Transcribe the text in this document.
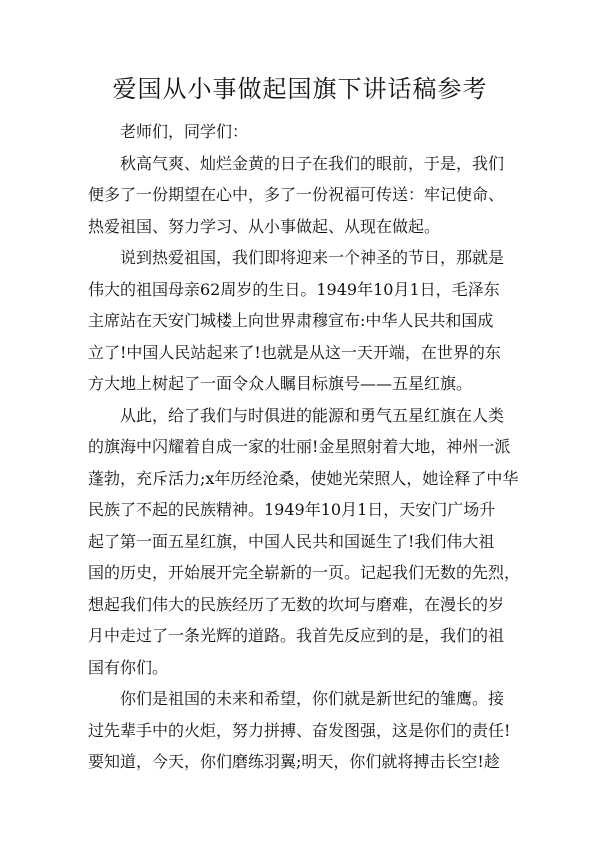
爱国从小事做起国旗下讲话稿参考

老师们，同学们：

秋高气爽、灿烂金黄的日子在我们的眼前，于是，我们
便多了一份期望在心中，多了一份祝福可传送：牢记使命、
热爱祖国、努力学习、从小事做起、从现在做起。

说到热爱祖国，我们即将迎来一个神圣的节日，那就是
伟大的祖国母亲62周岁的生日。1949年10月1日，毛泽东
主席站在天安门城楼上向世界肃穆宣布:中华人民共和国成
立了!中国人民站起来了!也就是从这一天开端，在世界的东
方大地上树起了一面令众人瞩目标旗号——五星红旗。

从此，给了我们与时俱进的能源和勇气五星红旗在人类
的旗海中闪耀着自成一家的壮丽!金星照射着大地，神州一派
蓬勃，充斥活力;x年历经沧桑，使她光荣照人，她诠释了中华
民族了不起的民族精神。1949年10月1日，天安门广场升
起了第一面五星红旗，中国人民共和国诞生了!我们伟大祖
国的历史，开始展开完全崭新的一页。记起我们无数的先烈，
想起我们伟大的民族经历了无数的坎坷与磨难，在漫长的岁
月中走过了一条光辉的道路。我首先反应到的是，我们的祖
国有你们。

你们是祖国的未来和希望，你们就是新世纪的雏鹰。接
过先辈手中的火炬，努力拼搏、奋发图强，这是你们的责任!
要知道，今天，你们磨练羽翼;明天，你们就将搏击长空!趁
